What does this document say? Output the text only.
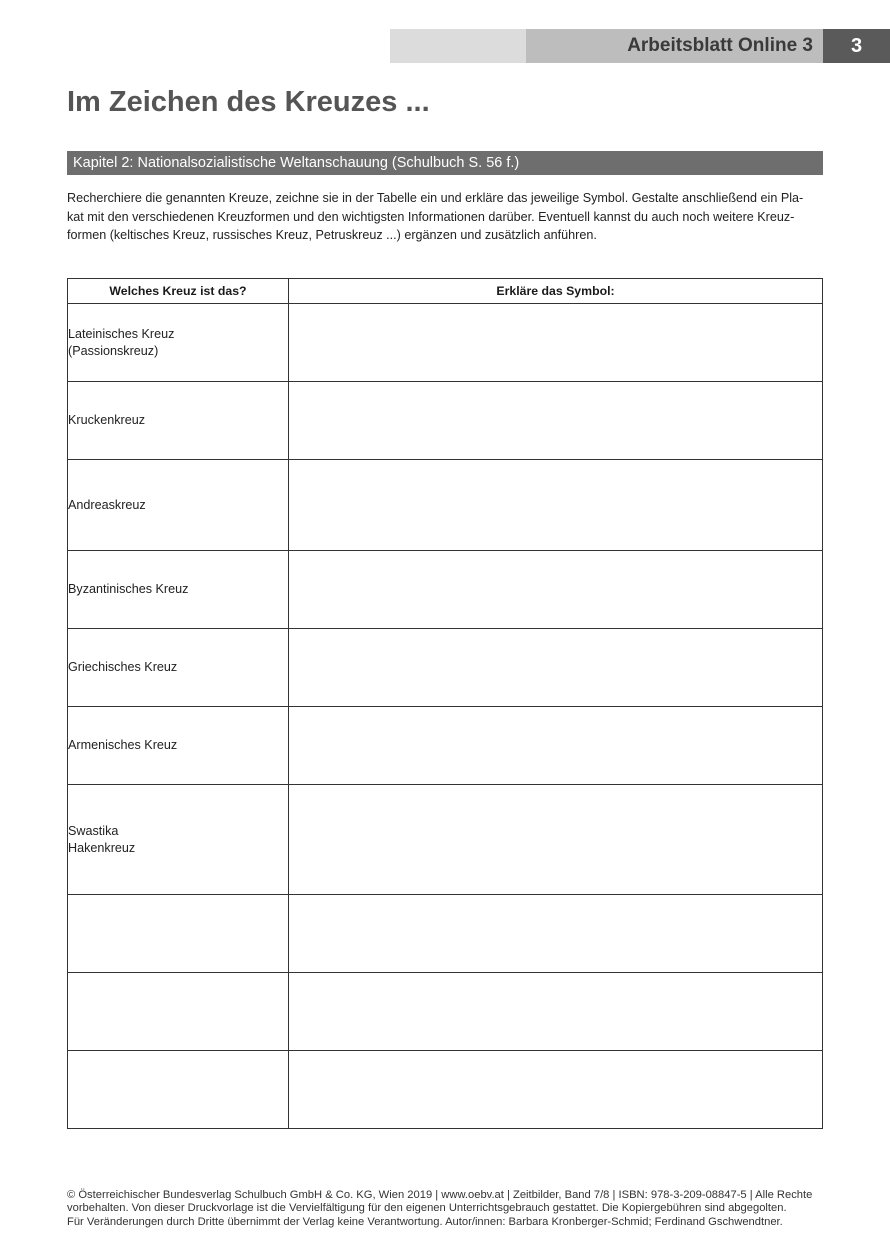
Arbeitsblatt Online 3 3
Im Zeichen des Kreuzes ...
Kapitel 2: Nationalsozialistische Weltanschauung (Schulbuch S. 56 f.)
Recherchiere die genannten Kreuze, zeichne sie in der Tabelle ein und erkläre das jeweilige Symbol. Gestalte anschließend ein Pla-
kat mit den verschiedenen Kreuzformen und den wichtigsten Informationen darüber. Eventuell kannst du auch noch weitere Kreuz-
formen (keltisches Kreuz, russisches Kreuz, Petruskreuz ...) ergänzen und zusätzlich anführen.
Welches Kreuz ist das?	Erkläre das Symbol:

Lateinisches Kreuz
(Passionskreuz)	

Kruckenkreuz	

Andreaskreuz	

Byzantinisches Kreuz	

Griechisches Kreuz	

Armenisches Kreuz	

Swastika
Hakenkreuz	

© Österreichischer Bundesverlag Schulbuch GmbH & Co. KG, Wien 2019 | www.oebv.at | Zeitbilder, Band 7/8 | ISBN: 978-3-209-08847-5 | Alle Rechte
vorbehalten. Von dieser Druckvorlage ist die Vervielfältigung für den eigenen Unterrichtsgebrauch gestattet. Die Kopiergebühren sind abgegolten.
Für Veränderungen durch Dritte übernimmt der Verlag keine Verantwortung. Autor/innen: Barbara Kronberger-Schmid; Ferdinand Gschwendtner.
